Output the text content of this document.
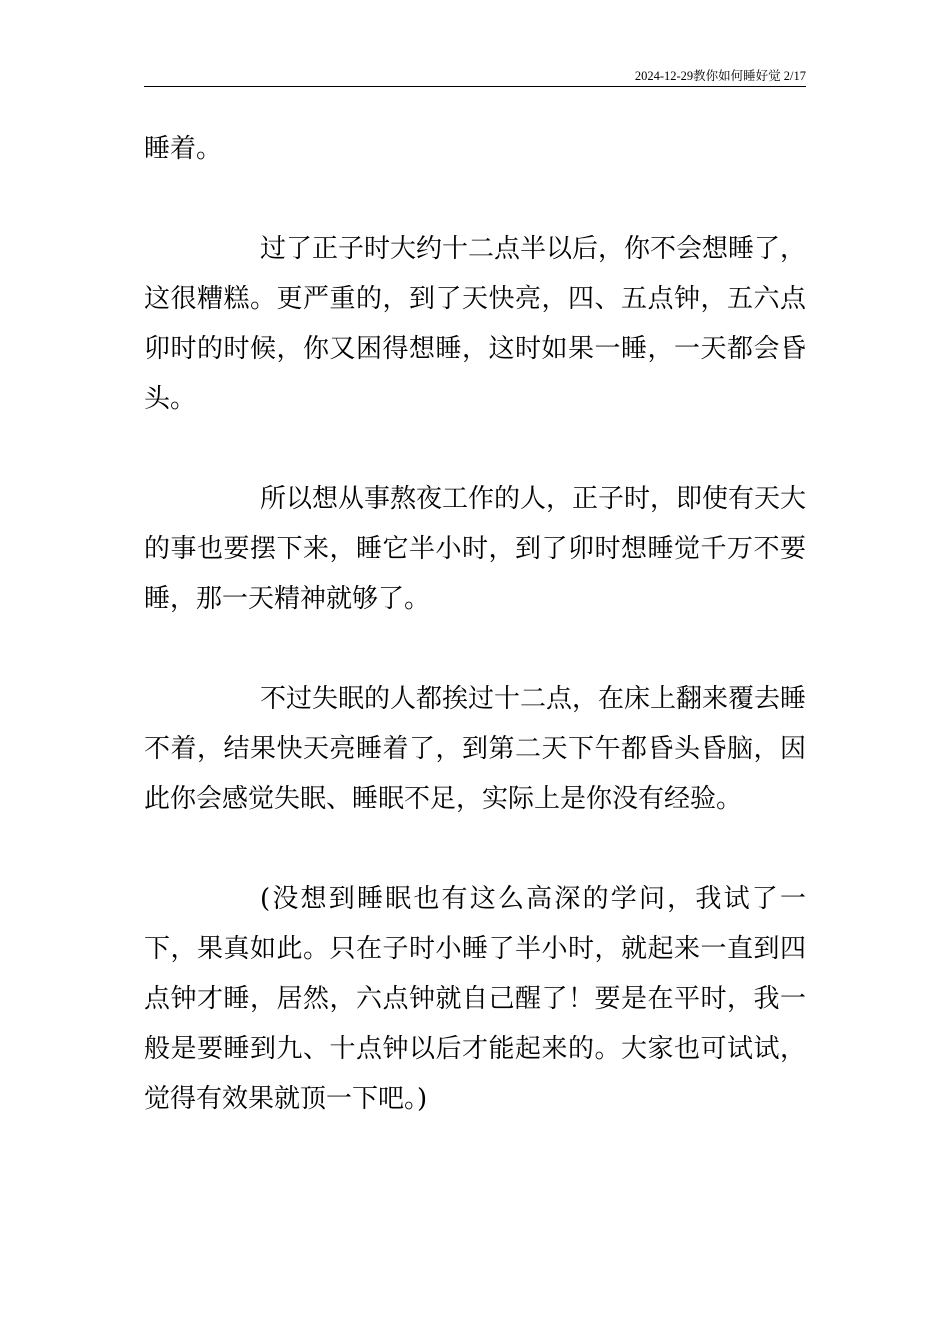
2024-12-29教你如何睡好觉 2/17

睡着。

过了正子时大约十二点半以后，你不会想睡了，这很糟糕。更严重的，到了天快亮，四、五点钟，五六点卯时的时候，你又困得想睡，这时如果一睡，一天都会昏头。

所以想从事熬夜工作的人，正子时，即使有天大的事也要摆下来，睡它半小时，到了卯时想睡觉千万不要睡，那一天精神就够了。

不过失眠的人都挨过十二点，在床上翻来覆去睡不着，结果快天亮睡着了，到第二天下午都昏头昏脑，因此你会感觉失眠、睡眠不足，实际上是你没有经验。

(没想到睡眠也有这么高深的学问，我试了一下，果真如此。只在子时小睡了半小时，就起来一直到四点钟才睡，居然，六点钟就自己醒了！要是在平时，我一般是要睡到九、十点钟以后才能起来的。大家也可试试，觉得有效果就顶一下吧。)
